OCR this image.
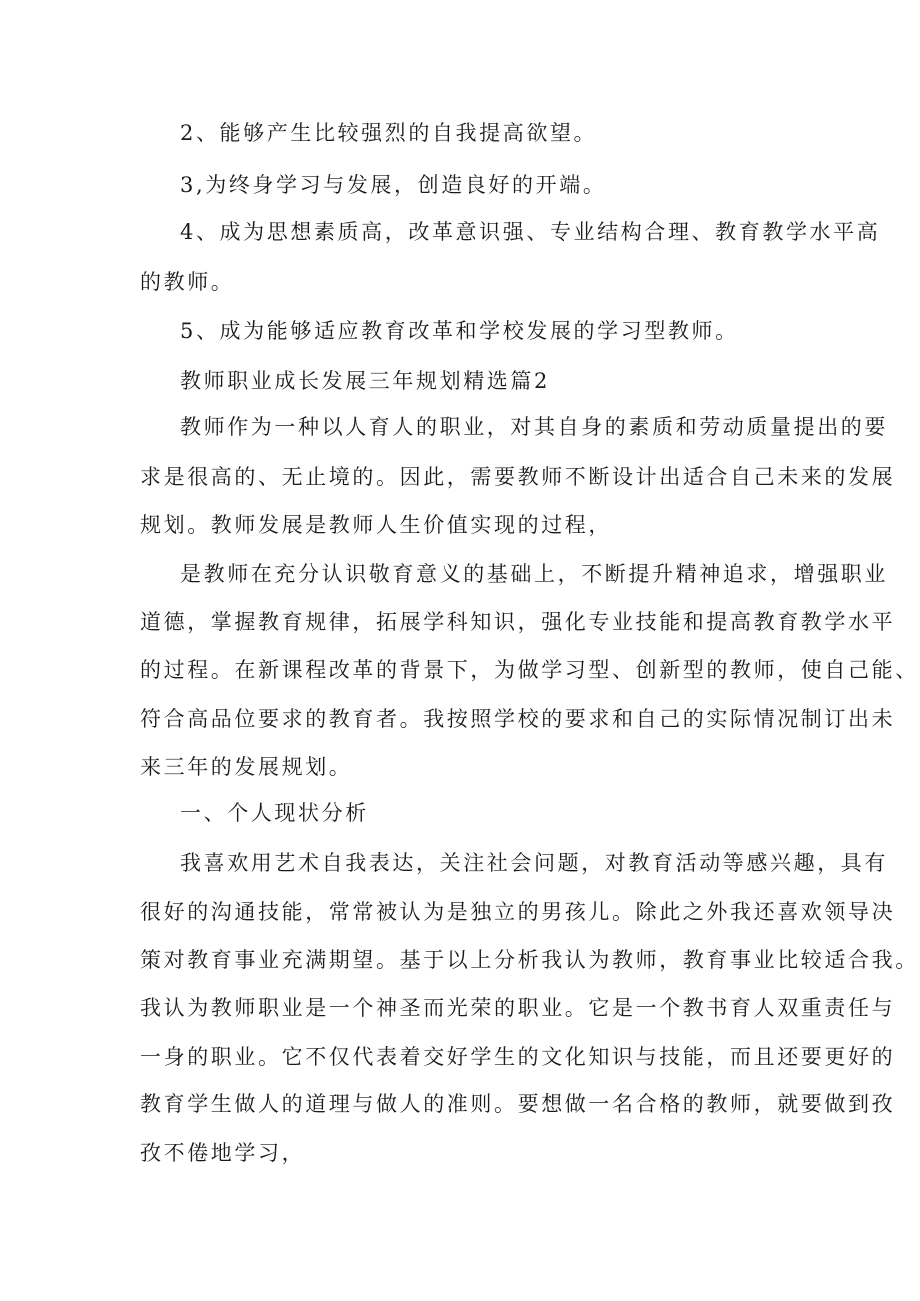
2、能够产生比较强烈的自我提高欲望。
3,为终身学习与发展，创造良好的开端。
4、成为思想素质高，改革意识强、专业结构合理、教育教学水平高
的教师。
5、成为能够适应教育改革和学校发展的学习型教师。
教师职业成长发展三年规划精选篇2
教师作为一种以人育人的职业，对其自身的素质和劳动质量提出的要
求是很高的、无止境的。因此，需要教师不断设计出适合自己未来的发展
规划。教师发展是教师人生价值实现的过程，
是教师在充分认识敬育意义的基础上，不断提升精神追求，增强职业
道德，掌握教育规律，拓展学科知识，强化专业技能和提高教育教学水平
的过程。在新课程改革的背景下，为做学习型、创新型的教师，使自己能、
符合高品位要求的教育者。我按照学校的要求和自己的实际情况制订出未
来三年的发展规划。
一、个人现状分析
我喜欢用艺术自我表达，关注社会问题，对教育活动等感兴趣，具有
很好的沟通技能，常常被认为是独立的男孩儿。除此之外我还喜欢领导决
策对教育事业充满期望。基于以上分析我认为教师，教育事业比较适合我。
我认为教师职业是一个神圣而光荣的职业。它是一个教书育人双重责任与
一身的职业。它不仅代表着交好学生的文化知识与技能，而且还要更好的
教育学生做人的道理与做人的准则。要想做一名合格的教师，就要做到孜
孜不倦地学习，
